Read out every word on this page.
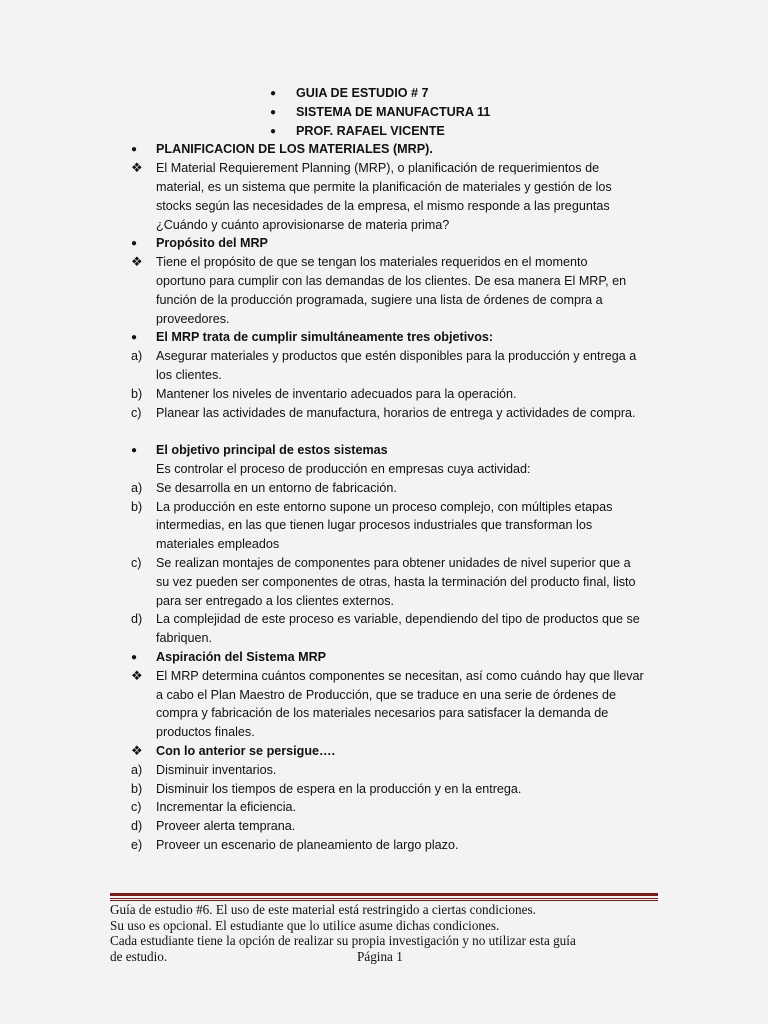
● GUIA DE ESTUDIO # 7
● SISTEMA DE MANUFACTURA 11
● PROF. RAFAEL VICENTE
● PLANIFICACION DE LOS MATERIALES (MRP).
❖ El Material Requierement Planning (MRP), o planificación de requerimientos de
material, es un sistema que permite la planificación de materiales y gestión de los
stocks según las necesidades de la empresa, el mismo responde a las preguntas
¿Cuándo y cuánto aprovisionarse de materia prima?
● Propósito del MRP
❖ Tiene el propósito de que se tengan los materiales requeridos en el momento
oportuno para cumplir con las demandas de los clientes. De esa manera El MRP, en
función de la producción programada, sugiere una lista de órdenes de compra a
proveedores.
● El MRP trata de cumplir simultáneamente tres objetivos:
a) Asegurar materiales y productos que estén disponibles para la producción y entrega a
los clientes.
b) Mantener los niveles de inventario adecuados para la operación.
c) Planear las actividades de manufactura, horarios de entrega y actividades de compra.
● El objetivo principal de estos sistemas
Es controlar el proceso de producción en empresas cuya actividad:
a) Se desarrolla en un entorno de fabricación.
b) La producción en este entorno supone un proceso complejo, con múltiples etapas
intermedias, en las que tienen lugar procesos industriales que transforman los
materiales empleados
c) Se realizan montajes de componentes para obtener unidades de nivel superior que a
su vez pueden ser componentes de otras, hasta la terminación del producto final, listo
para ser entregado a los clientes externos.
d) La complejidad de este proceso es variable, dependiendo del tipo de productos que se
fabriquen.
● Aspiración del Sistema MRP
❖ El MRP determina cuántos componentes se necesitan, así como cuándo hay que llevar
a cabo el Plan Maestro de Producción, que se traduce en una serie de órdenes de
compra y fabricación de los materiales necesarios para satisfacer la demanda de
productos finales.
❖ Con lo anterior se persigue….
a) Disminuir inventarios.
b) Disminuir los tiempos de espera en la producción y en la entrega.
c) Incrementar la eficiencia.
d) Proveer alerta temprana.
e) Proveer un escenario de planeamiento de largo plazo.
Guía de estudio #6. El uso de este material está restringido a ciertas condiciones.
Su uso es opcional. El estudiante que lo utilice asume dichas condiciones.
Cada estudiante tiene la opción de realizar su propia investigación y no utilizar esta guía
de estudio.	Página 1
